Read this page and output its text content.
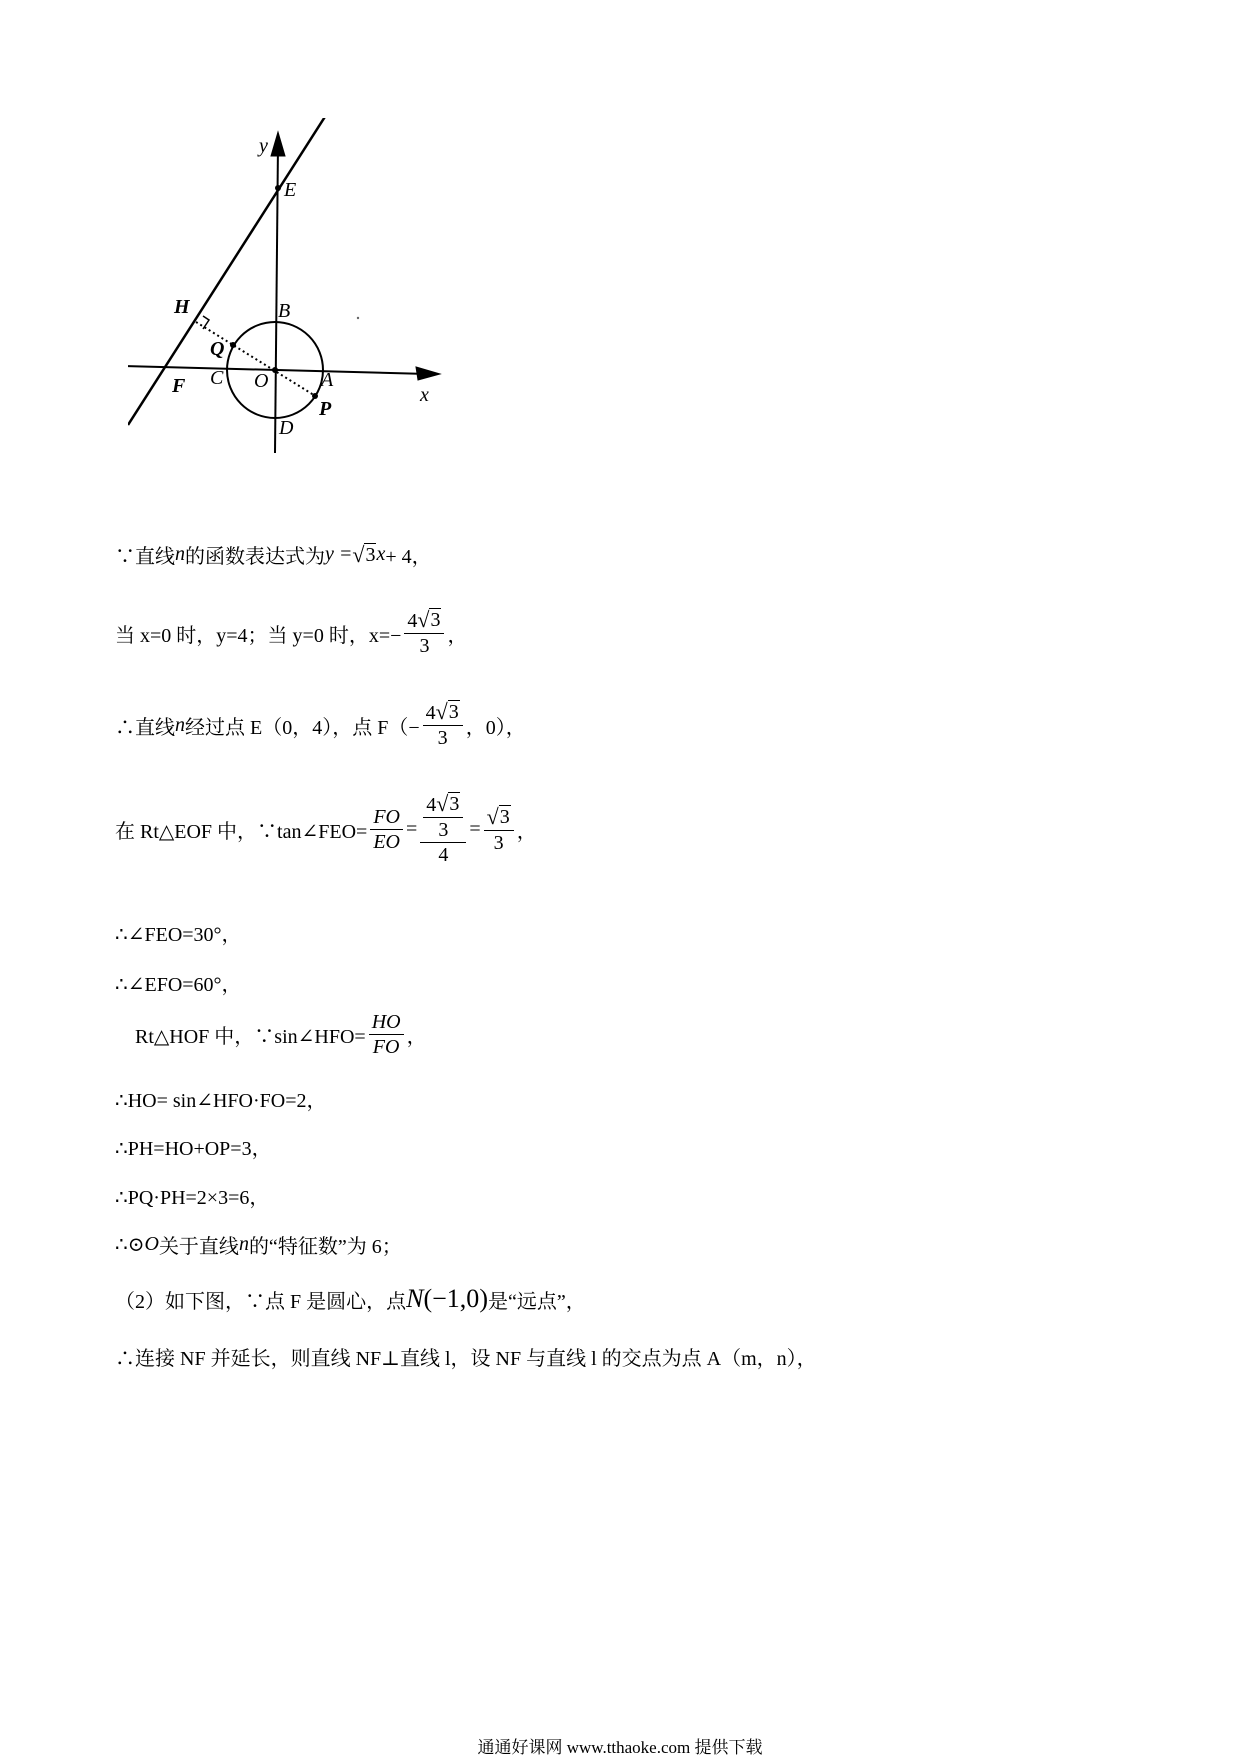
y
E
B
H
Q
C O	A
F
P
x
D
∵直线 n 的函数表达式为 y = √ 3 x + 4，
当 x=0 时，y=4；当 y=0 时，$x=- \frac{4 √ 3}{3}$ ，
∴直线 n 经过点 E（0，4），点 $F(- \frac{4 √ 3}{3}$ ，0），
在 Rt△EOF 中，∵tan∠FEO= $\frac{FO}{EO} = \frac{\frac{4 √ 3}{3}}{4} = \frac{√ 3}{3}$ ，
∴∠FEO=30°，
∴∠EFO=60°，
Rt△HOF 中，∵sin∠HFO= $\frac{HO}{FO}$ ，
∴HO= sin∠HFO·FO=2，
∴PH=HO+OP=3，
∴PQ·PH=2×3=6，
∴⊙ O 关于直线 n 的“特征数”为 6；
（2）如下图，∵点 F 是圆心，点 N ( −1,0 ) 是“远点”，
∴连接 NF 并延长，则直线 NF⊥直线 l，设 NF 与直线 l 的交点为点 A（m，n），
通通好课网 www.tthaoke.com 提供下载
